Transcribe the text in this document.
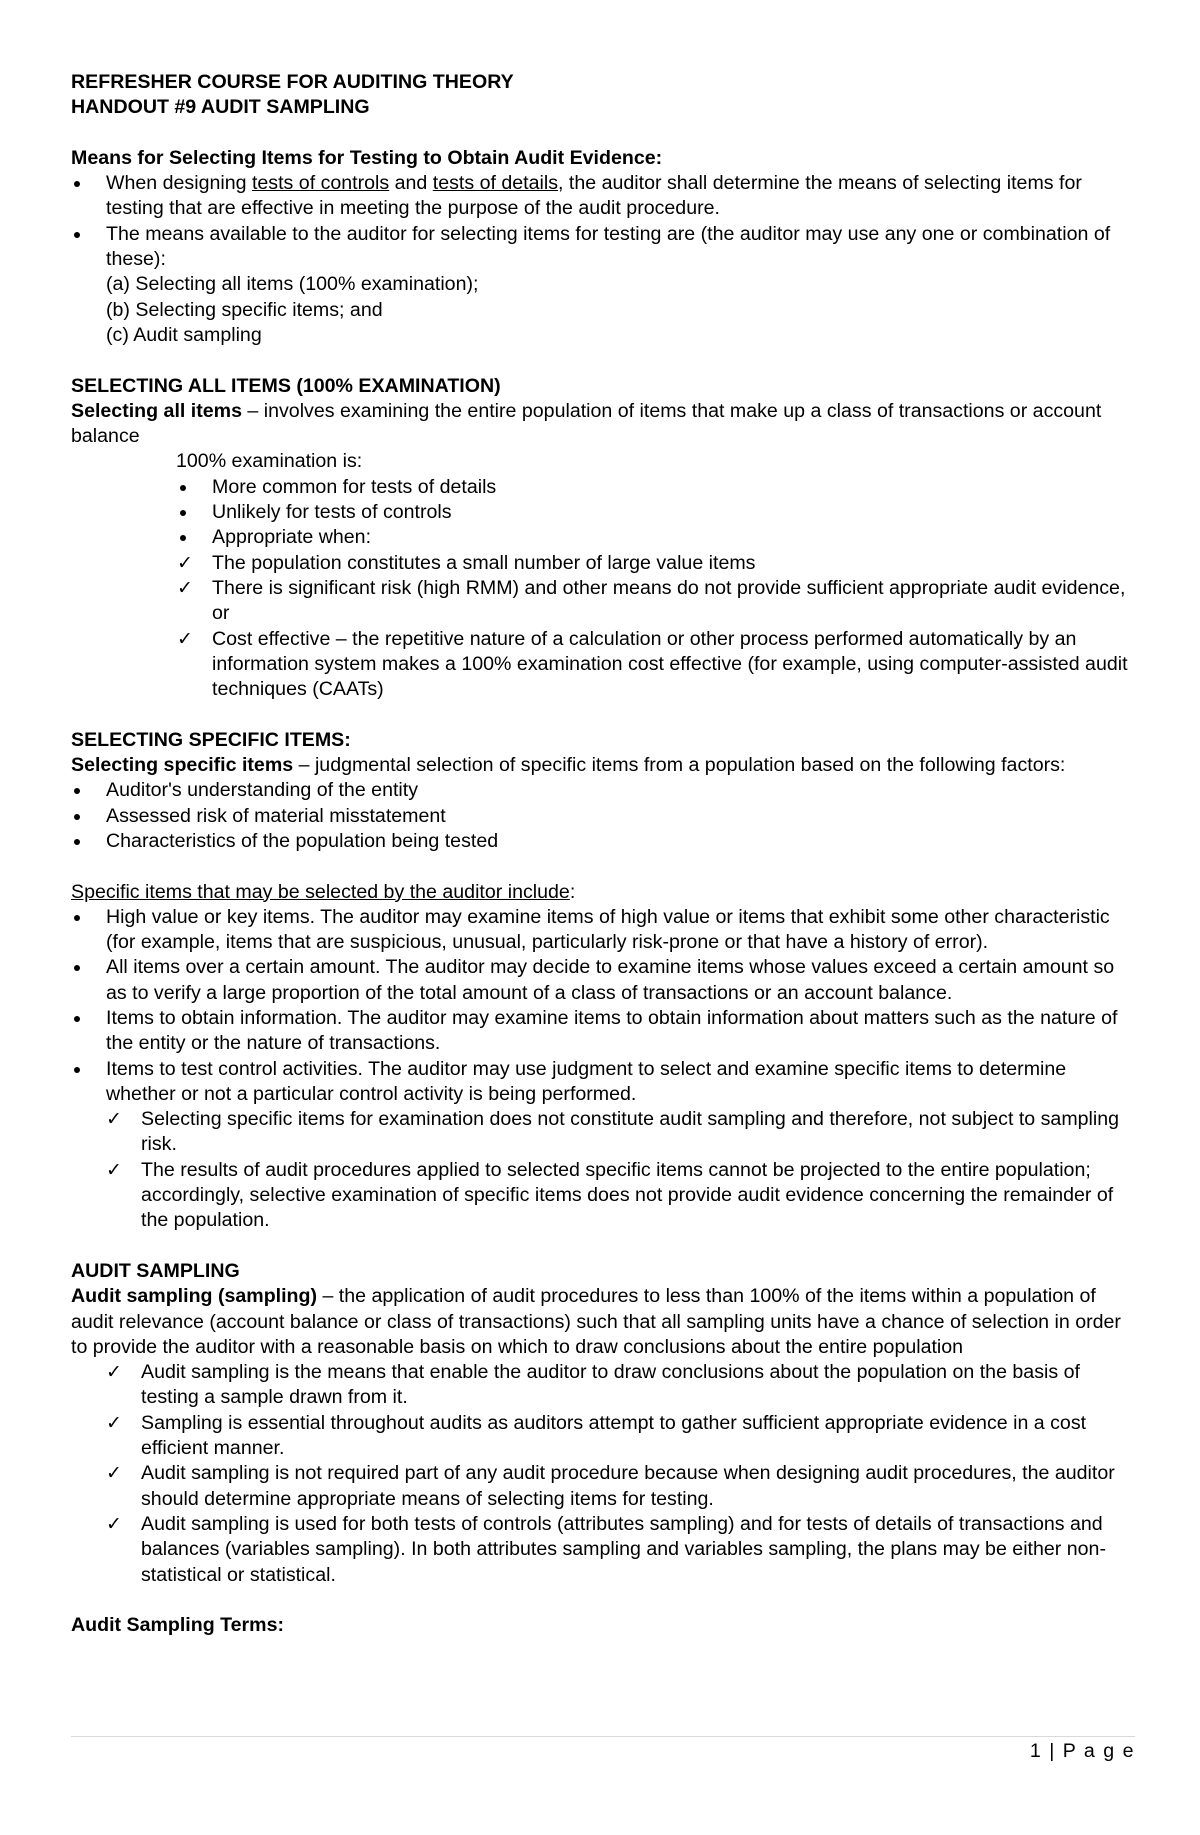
REFRESHER COURSE FOR AUDITING THEORY
HANDOUT #9 AUDIT SAMPLING
Means for Selecting Items for Testing to Obtain Audit Evidence:
When designing tests of controls and tests of details, the auditor shall determine the means of selecting items for testing that are effective in meeting the purpose of the audit procedure.
The means available to the auditor for selecting items for testing are (the auditor may use any one or combination of these):
(a) Selecting all items (100% examination);
(b) Selecting specific items; and
(c) Audit sampling
SELECTING ALL ITEMS (100% EXAMINATION)
Selecting all items – involves examining the entire population of items that make up a class of transactions or account balance
100% examination is:
More common for tests of details
Unlikely for tests of controls
Appropriate when:
✓ The population constitutes a small number of large value items
✓ There is significant risk (high RMM) and other means do not provide sufficient appropriate audit evidence, or
✓ Cost effective – the repetitive nature of a calculation or other process performed automatically by an information system makes a 100% examination cost effective (for example, using computer-assisted audit techniques (CAATs)
SELECTING SPECIFIC ITEMS:
Selecting specific items – judgmental selection of specific items from a population based on the following factors:
Auditor's understanding of the entity
Assessed risk of material misstatement
Characteristics of the population being tested
Specific items that may be selected by the auditor include:
High value or key items. The auditor may examine items of high value or items that exhibit some other characteristic (for example, items that are suspicious, unusual, particularly risk-prone or that have a history of error).
All items over a certain amount. The auditor may decide to examine items whose values exceed a certain amount so as to verify a large proportion of the total amount of a class of transactions or an account balance.
Items to obtain information. The auditor may examine items to obtain information about matters such as the nature of the entity or the nature of transactions.
Items to test control activities. The auditor may use judgment to select and examine specific items to determine whether or not a particular control activity is being performed.
✓ Selecting specific items for examination does not constitute audit sampling and therefore, not subject to sampling risk.
✓ The results of audit procedures applied to selected specific items cannot be projected to the entire population; accordingly, selective examination of specific items does not provide audit evidence concerning the remainder of the population.
AUDIT SAMPLING
Audit sampling (sampling) – the application of audit procedures to less than 100% of the items within a population of audit relevance (account balance or class of transactions) such that all sampling units have a chance of selection in order to provide the auditor with a reasonable basis on which to draw conclusions about the entire population
✓ Audit sampling is the means that enable the auditor to draw conclusions about the population on the basis of testing a sample drawn from it.
✓ Sampling is essential throughout audits as auditors attempt to gather sufficient appropriate evidence in a cost efficient manner.
✓ Audit sampling is not required part of any audit procedure because when designing audit procedures, the auditor should determine appropriate means of selecting items for testing.
✓ Audit sampling is used for both tests of controls (attributes sampling) and for tests of details of transactions and balances (variables sampling). In both attributes sampling and variables sampling, the plans may be either non-statistical or statistical.
Audit Sampling Terms:
1 | P a g e
